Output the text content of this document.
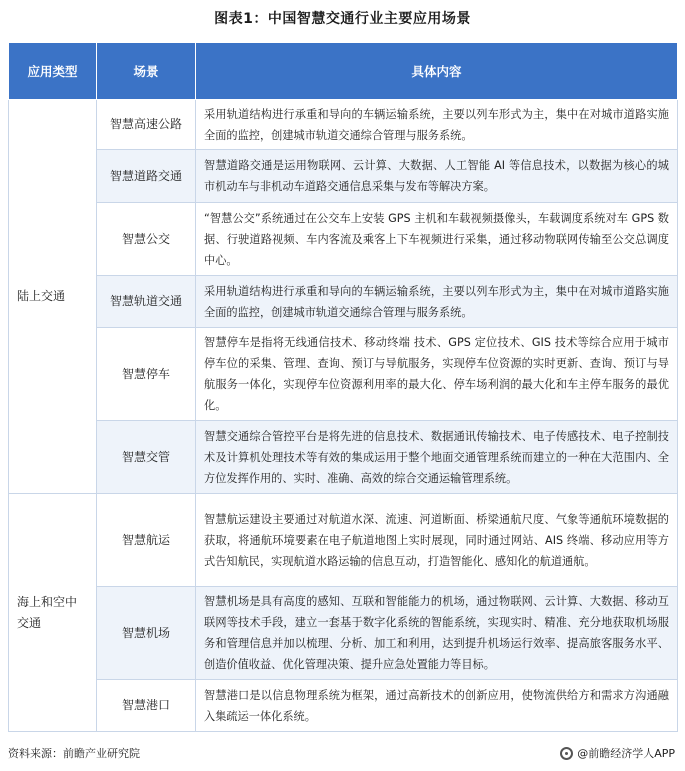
图表1：中国智慧交通行业主要应用场景
应用类型	场景	具体内容
陆上交通	智慧高速公路	采用轨道结构进行承重和导向的车辆运输系统，主要以列车形式为主，集中在对城市道路实施全面的监控，创建城市轨道交通综合管理与服务系统。
	智慧道路交通	智慧道路交通是运用物联网、云计算、大数据、人工智能 AI 等信息技术，以数据为核心的城市机动车与非机动车道路交通信息采集与发布等解决方案。
	智慧公交	“智慧公交”系统通过在公交车上安装 GPS 主机和车载视频摄像头，车载调度系统对车 GPS 数据、行驶道路视频、车内客流及乘客上下车视频进行采集，通过移动物联网传输至公交总调度中心。
	智慧轨道交通	采用轨道结构进行承重和导向的车辆运输系统，主要以列车形式为主，集中在对城市道路实施全面的监控，创建城市轨道交通综合管理与服务系统。
	智慧停车	智慧停车是指将无线通信技术、移动终端 技术、GPS 定位技术、GIS 技术等综合应用于城市停车位的采集、管理、查询、预订与导航服务，实现停车位资源的实时更新、查询、预订与导航服务一体化，实现停车位资源利用率的最大化、停车场利润的最大化和车主停车服务的最优化。
	智慧交管	智慧交通综合管控平台是将先进的信息技术、数据通讯传输技术、电子传感技术、电子控制技术及计算机处理技术等有效的集成运用于整个地面交通管理系统而建立的一种在大范围内、全方位发挥作用的、实时、准确、高效的综合交通运输管理系统。
海上和空中交通	智慧航运	智慧航运建设主要通过对航道水深、流速、河道断面、桥梁通航尺度、气象等通航环境数据的获取，将通航环境要素在电子航道地图上实时展现，同时通过网站、AIS 终端、移动应用等方式告知航民，实现航道水路运输的信息互动，打造智能化、感知化的航道通航。
	智慧机场	智慧机场是具有高度的感知、互联和智能能力的机场，通过物联网、云计算、大数据、移动互联网等技术手段，建立一套基于数字化系统的智能系统，实现实时、精准、充分地获取机场服务和管理信息并加以梳理、分析、加工和利用，达到提升机场运行效率、提高旅客服务水平、创造价值收益、优化管理决策、提升应急处置能力等目标。
	智慧港口	智慧港口是以信息物理系统为框架，通过高新技术的创新应用，使物流供给方和需求方沟通融入集疏运一体化系统。
资料来源：前瞻产业研究院	@前瞻经济学人APP
